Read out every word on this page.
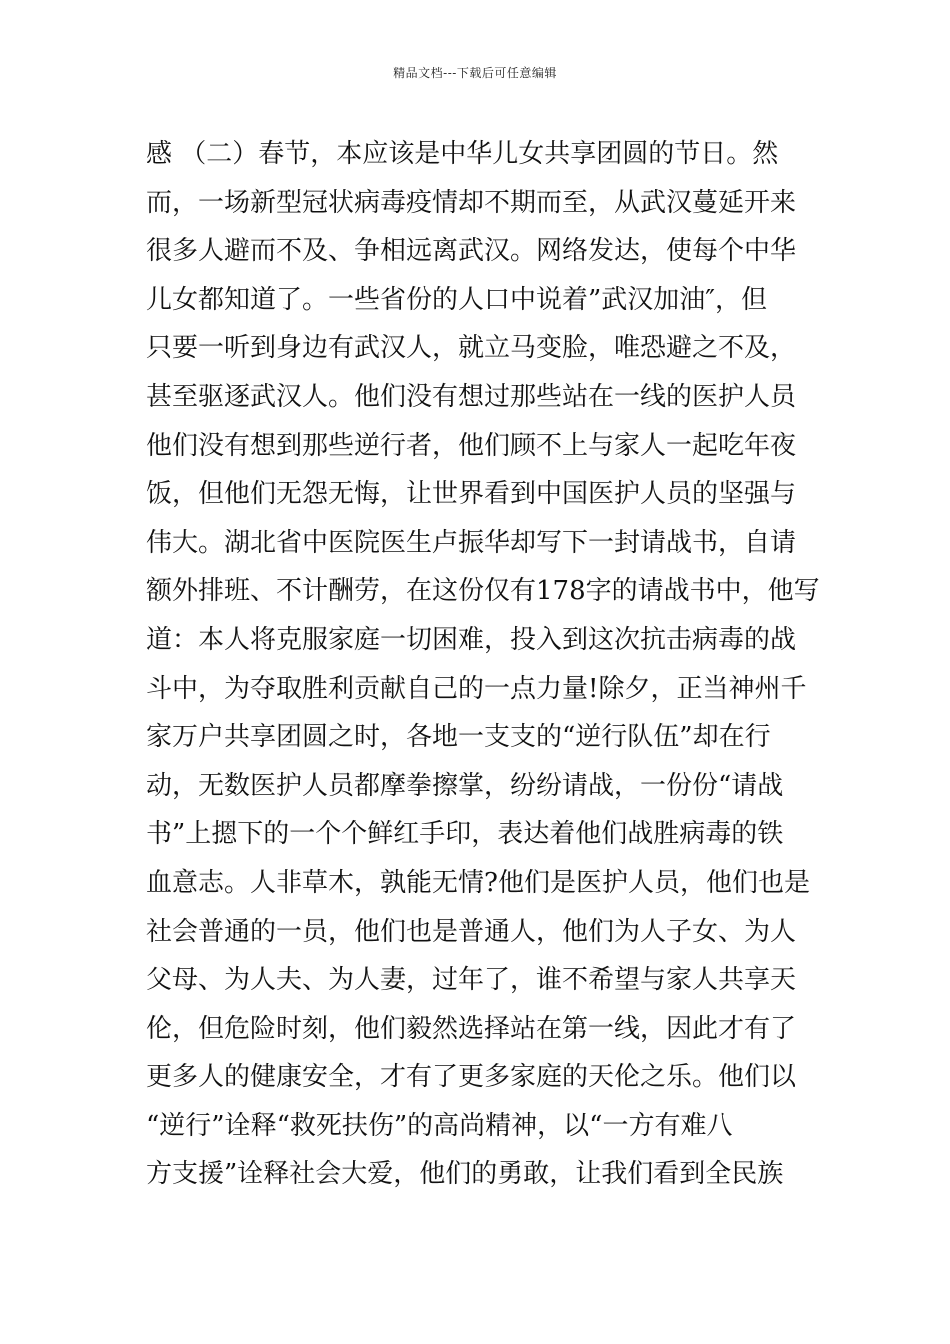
精品文档---下载后可任意编辑
感 （二）春节，本应该是中华儿女共享团圆的节日。然
而，一场新型冠状病毒疫情却不期而至，从武汉蔓延开来
很多人避而不及、争相远离武汉。网络发达，使每个中华
儿女都知道了。一些省份的人口中说着”武汉加油″，但
只要一听到身边有武汉人，就立马变脸，唯恐避之不及，
甚至驱逐武汉人。他们没有想过那些站在一线的医护人员
他们没有想到那些逆行者，他们顾不上与家人一起吃年夜
饭，但他们无怨无悔，让世界看到中国医护人员的坚强与
伟大。湖北省中医院医生卢振华却写下一封请战书，自请
额外排班、不计酬劳，在这份仅有178字的请战书中，他写
道：本人将克服家庭一切困难，投入到这次抗击病毒的战
斗中，为夺取胜利贡献自己的一点力量!除夕，正当神州千
家万户共享团圆之时，各地一支支的“逆行队伍”却在行
动，无数医护人员都摩拳擦掌，纷纷请战，一份份“请战
书”上摁下的一个个鲜红手印，表达着他们战胜病毒的铁
血意志。人非草木，孰能无情?他们是医护人员，他们也是
社会普通的一员，他们也是普通人，他们为人子女、为人
父母、为人夫、为人妻，过年了，谁不希望与家人共享天
伦，但危险时刻，他们毅然选择站在第一线，因此才有了
更多人的健康安全，才有了更多家庭的天伦之乐。他们以
“逆行”诠释“救死扶伤”的高尚精神，以“一方有难八
方支援”诠释社会大爱，他们的勇敢，让我们看到全民族
